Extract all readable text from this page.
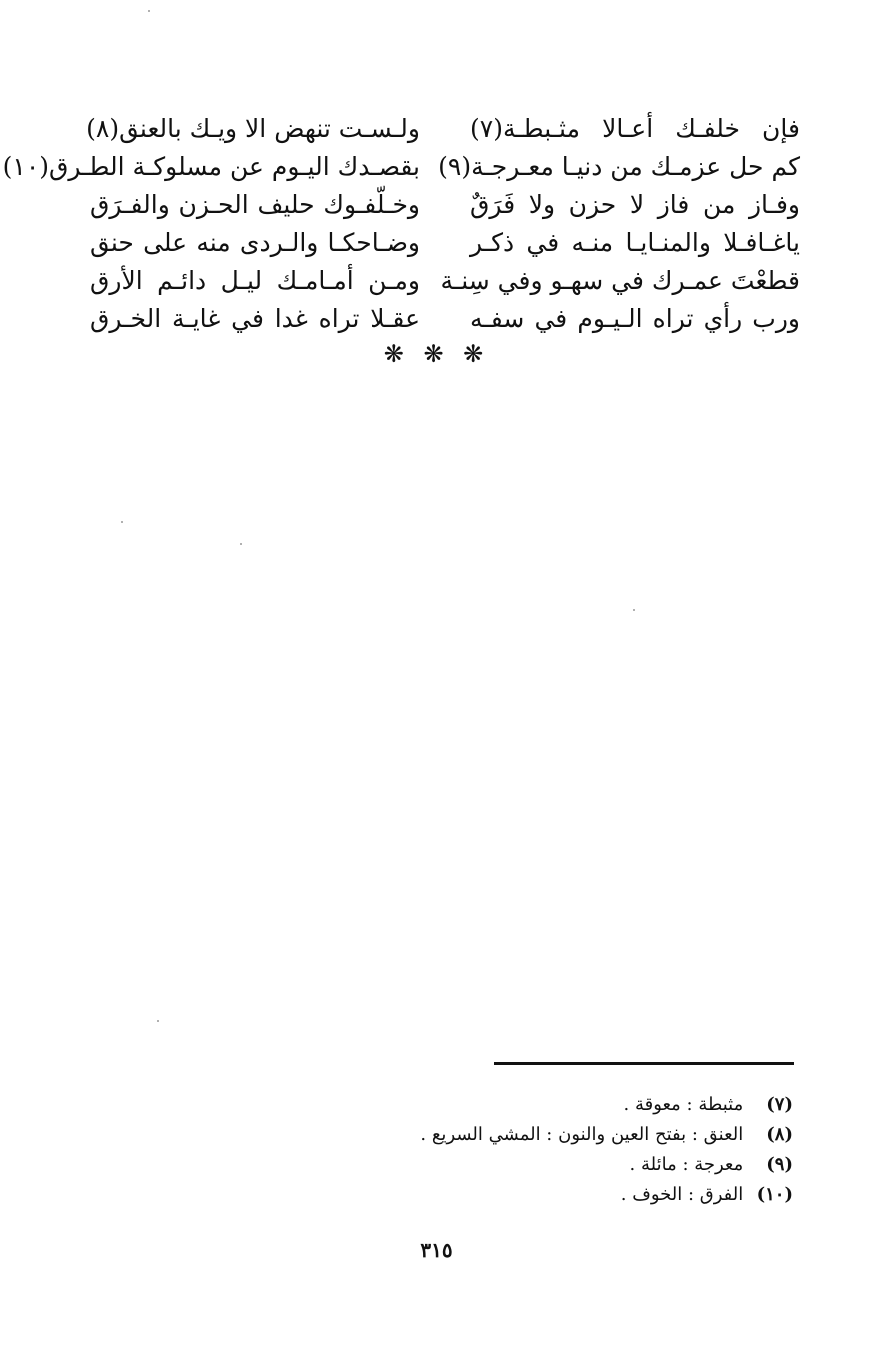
فإن خلفـك أعـالا مثـبطـة(٧)
ولـسـت تنهض الا ويـك بالعنق(٨)
كم حل عزمـك من دنيـا معـرجـة(٩)
بقصـدك اليـوم عن مسلوكـة الطـرق(١٠)
وفـاز من فاز لا حزن ولا فَرَقٌ
وخـلّفـوك حليف الحـزن والفـرَق
ياغـافـلا والمنـايـا منـه في ذكـر
وضـاحكـا والـردى منه على حنق
قطعْتَ عمـرك في سهـو وفي سِنـة
ومـن أمـامـك ليـل دائـم الأرق
ورب رأي تراه الـيـوم في سفـه
عقـلا تراه غدا في غايـة الخـرق
❋ ❋ ❋
(٧) مثبطة : معوقة .
(٨) العنق : بفتح العين والنون : المشي السريع .
(٩) معرجة : مائلة .
(١٠) الفرق : الخوف .
٣١٥
